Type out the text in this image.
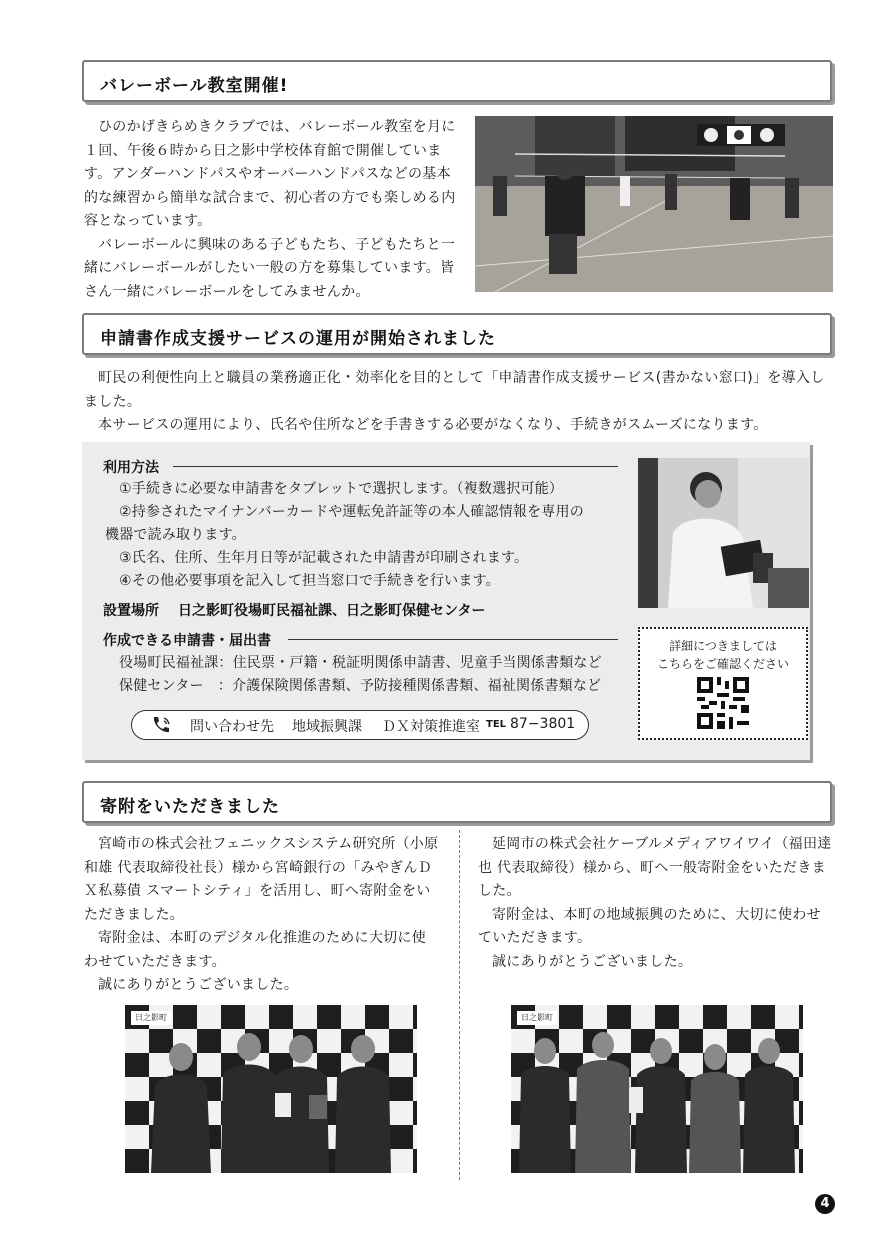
バレーボール教室開催!

ひのかげきらめきクラブでは、バレーボール教室を月に１回、午後６時から日之影中学校体育館で開催しています。アンダーハンドパスやオーバーハンドパスなどの基本的な練習から簡単な試合まで、初心者の方でも楽しめる内容となっています。

バレーボールに興味のある子どもたち、子どもたちと一緒にバレーボールがしたい一般の方を募集しています。皆さん一緒にバレーボールをしてみませんか。

申請書作成支援サービスの運用が開始されました

町民の利便性向上と職員の業務適正化・効率化を目的として「申請書作成支援サービス(書かない窓口)」を導入しました。

本サービスの運用により、氏名や住所などを手書きする必要がなくなり、手続きがスムーズになります。

利用方法
①手続きに必要な申請書をタブレットで選択します。（複数選択可能）
②持参されたマイナンバーカードや運転免許証等の本人確認情報を専用の
機器で読み取ります。
③氏名、住所、生年月日等が記載された申請書が印刷されます。
④その他必要事項を記入して担当窓口で手続きを行います。
設置場所 日之影町役場町民福祉課、日之影町保健センター
作成できる申請書・届出書
役場町民福祉課：住民票・戸籍・税証明関係申請書、児童手当関係書類など
保健センター　：介護保険関係書類、予防接種関係書類、福祉関係書類など
問い合わせ先 地域振興課 ＤＸ対策推進室 TEL 87−3801
詳細につきましては
こちらをご確認ください
寄附をいただきました

宮崎市の株式会社フェニックスシステム研究所（小原和雄 代表取締役社長）様から宮崎銀行の「みやぎんＤＸ私募債 スマートシティ」を活用し、町へ寄附金をいただきました。

寄附金は、本町のデジタル化推進のために大切に使わせていただきます。

誠にありがとうございました。

延岡市の株式会社ケーブルメディアワイワイ（福田達也 代表取締役）様から、町へ一般寄附金をいただきました。

寄附金は、本町の地域振興のために、大切に使わせていただきます。

誠にありがとうございました。

日之影町	日之影町
4
